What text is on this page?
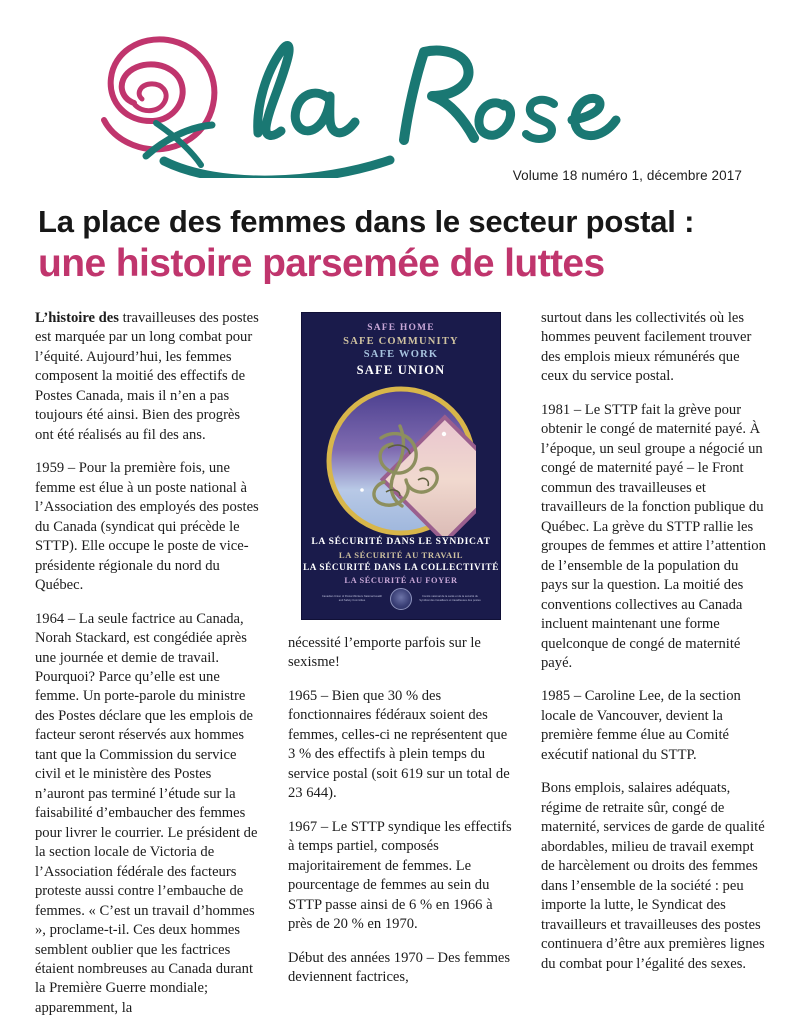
Volume 18 numéro 1, décembre 2017
La place des femmes dans le secteur postal :
une histoire parsemée de luttes

L’histoire des travailleuses des postes est marquée par un long combat pour l’équité. Aujourd’hui, les femmes composent la moitié des effectifs de Postes Canada, mais il n’en a pas toujours été ainsi. Bien des progrès ont été réalisés au fil des ans.

1959 – Pour la première fois, une femme est élue à un poste national à l’Association des employés des postes du Canada (syndicat qui précède le STTP). Elle occupe le poste de vice-présidente régionale du nord du Québec.

1964 – La seule factrice au Canada, Norah Stackard, est congédiée après une journée et demie de travail. Pourquoi? Parce qu’elle est une femme. Un porte-parole du ministre des Postes déclare que les emplois de facteur seront réservés aux hommes tant que la Commission du service civil et le ministère des Postes n’auront pas terminé l’étude sur la faisabilité d’embaucher des femmes pour livrer le courrier. Le président de la section locale de Victoria de l’Association fédérale des facteurs proteste aussi contre l’embauche de femmes. « C’est un travail d’hommes », proclame-t-il. Ces deux hommes semblent oublier que les factrices étaient nombreuses au Canada durant la Première Guerre mondiale; apparemment, la

SAFE HOME
SAFE COMMUNITY
SAFE WORK
SAFE UNION
LA SÉCURITÉ DANS LE SYNDICAT
LA SÉCURITÉ AU TRAVAIL
LA SÉCURITÉ DANS LA COLLECTIVITÉ
LA SÉCURITÉ AU FOYER
Canadian Union of Postal Workers National Health and Safety Committee
Comité national de la santé et de la sécurité du Syndicat des travailleurs et travailleuses des postes

nécessité l’emporte parfois sur le sexisme!

1965 – Bien que 30 % des fonctionnaires fédéraux soient des femmes, celles-ci ne représentent que 3 % des effectifs à plein temps du service postal (soit 619 sur un total de 23 644).

1967 – Le STTP syndique les effectifs à temps partiel, composés majoritairement de femmes. Le pourcentage de femmes au sein du STTP passe ainsi de 6 % en 1966 à près de 20 % en 1970.

Début des années 1970 – Des femmes deviennent factrices,

surtout dans les collectivités où les hommes peuvent facilement trouver des emplois mieux rémunérés que ceux du service postal.

1981 – Le STTP fait la grève pour obtenir le congé de maternité payé. À l’époque, un seul groupe a négocié un congé de maternité payé – le Front commun des travailleuses et travailleurs de la fonction publique du Québec. La grève du STTP rallie les groupes de femmes et attire l’attention de l’ensemble de la population du pays sur la question. La moitié des conventions collectives au Canada incluent maintenant une forme quelconque de congé de maternité payé.

1985 – Caroline Lee, de la section locale de Vancouver, devient la première femme élue au Comité exécutif national du STTP.

Bons emplois, salaires adéquats, régime de retraite sûr, congé de maternité, services de garde de qualité abordables, milieu de travail exempt de harcèlement ou droits des femmes dans l’ensemble de la société : peu importe la lutte, le Syndicat des travailleurs et travailleuses des postes continuera d’être aux premières lignes du combat pour l’égalité des sexes.
